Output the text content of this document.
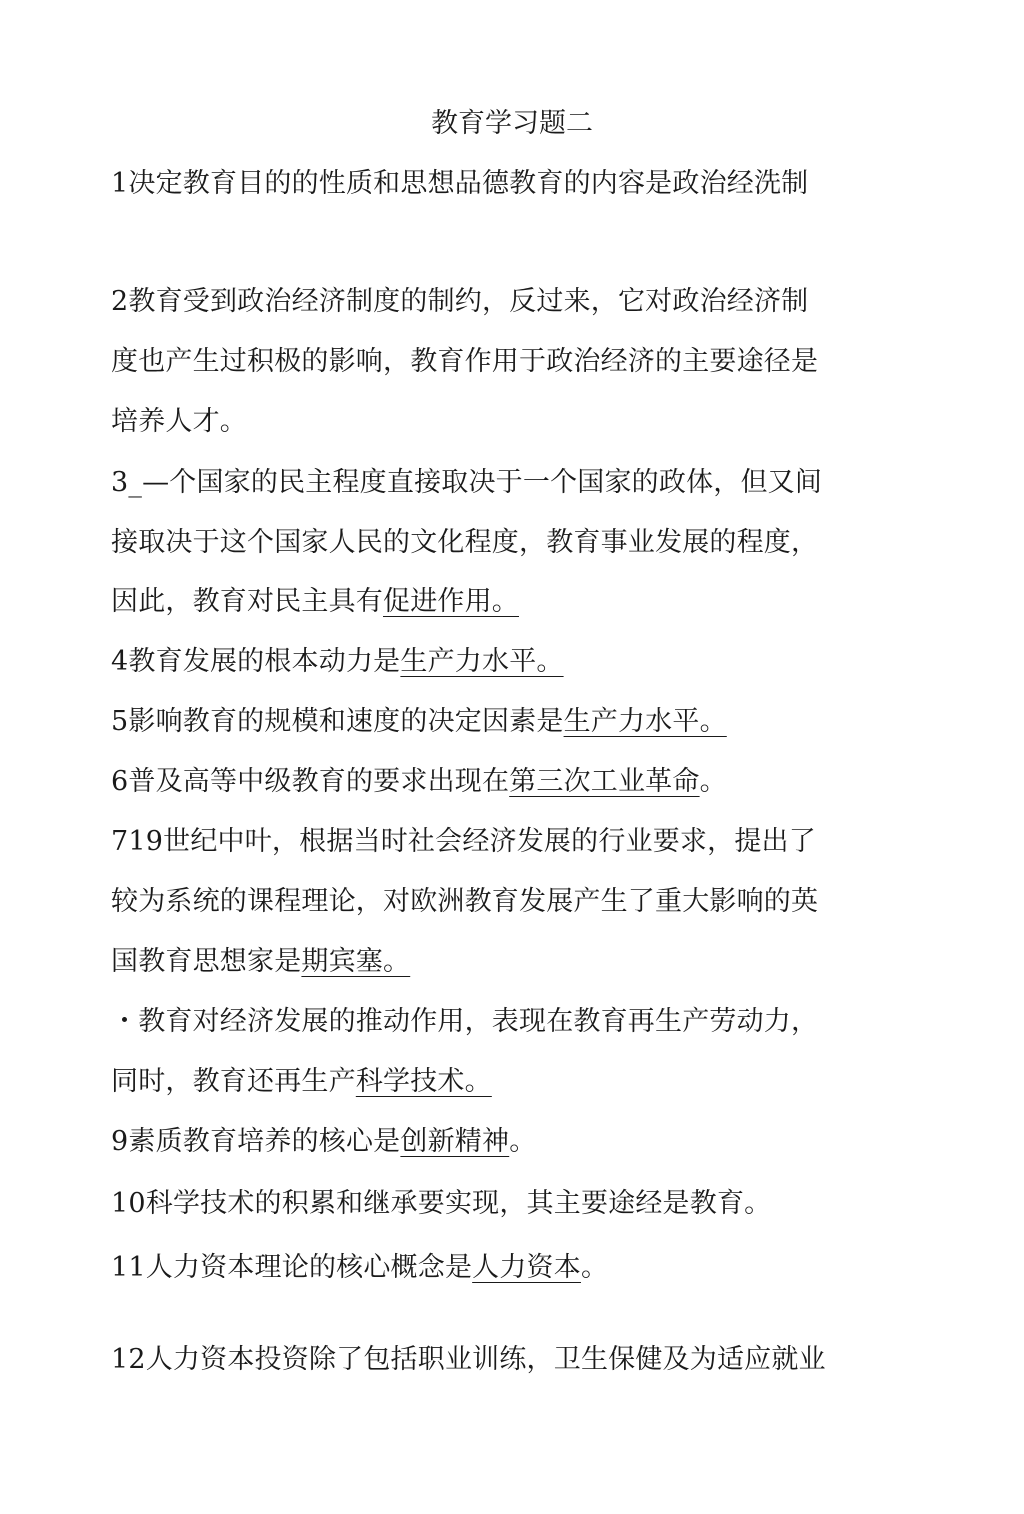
教育学习题二
1决定教育目的的性质和思想品德教育的内容是政治经洗制
2教育受到政治经济制度的制约，反过来，它对政治经济制
度也产生过积极的影响，教育作用于政治经济的主要途径是
培养人才。
3_—个国家的民主程度直接取决于一个国家的政体，但又间
接取决于这个国家人民的文化程度，教育事业发展的程度，
因此，教育对民主具有促进作用。
4教育发展的根本动力是生产力水平。
5影响教育的规模和速度的决定因素是生产力水平。
6普及高等中级教育的要求出现在第三次工业革命。
719世纪中叶，根据当时社会经济发展的行业要求，提出了
较为系统的课程理论，对欧洲教育发展产生了重大影响的英
国教育思想家是期宾塞。
・教育对经济发展的推动作用，表现在教育再生产劳动力，
同时，教育还再生产科学技术。
9素质教育培养的核心是创新精神。
10科学技术的积累和继承要实现，其主要途经是教育。
11人力资本理论的核心概念是人力资本。
12人力资本投资除了包括职业训练，卫生保健及为适应就业
